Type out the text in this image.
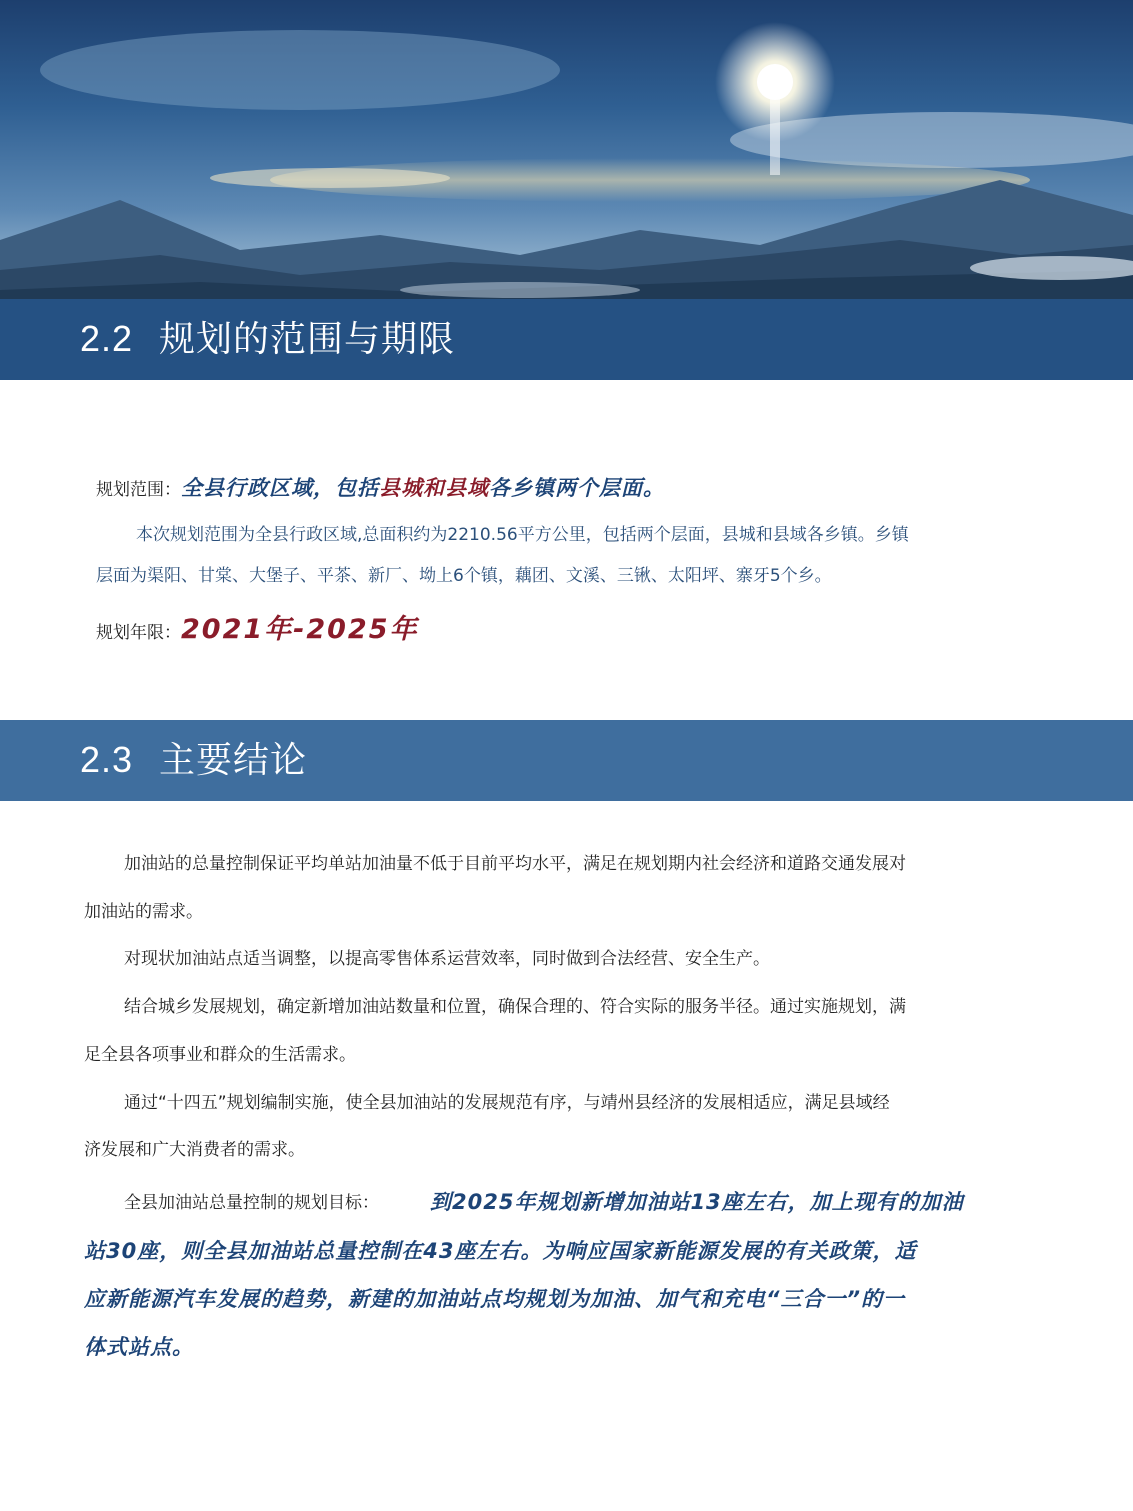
2.2 规划的范围与期限
规划范围：全县行政区域，包括县城和县域各乡镇两个层面。
本次规划范围为全县行政区域,总面积约为2210.56平方公里，包括两个层面，县城和县域各乡镇。乡镇
层面为渠阳、甘棠、大堡子、平茶、新厂、坳上6个镇，藕团、文溪、三锹、太阳坪、寨牙5个乡。
规划年限：2021年-2025年
2.3 主要结论
加油站的总量控制保证平均单站加油量不低于目前平均水平，满足在规划期内社会经济和道路交通发展对
加油站的需求。
对现状加油站点适当调整，以提高零售体系运营效率，同时做到合法经营、安全生产。
结合城乡发展规划，确定新增加油站数量和位置，确保合理的、符合实际的服务半径。通过实施规划，满
足全县各项事业和群众的生活需求。
通过“十四五”规划编制实施，使全县加油站的发展规范有序，与靖州县经济的发展相适应，满足县域经
济发展和广大消费者的需求。
全县加油站总量控制的规划目标： 到2025年规划新增加油站13座左右，加上现有的加油
站30座，则全县加油站总量控制在43座左右。为响应国家新能源发展的有关政策，适
应新能源汽车发展的趋势，新建的加油站点均规划为加油、加气和充电“三合一”的一
体式站点。
